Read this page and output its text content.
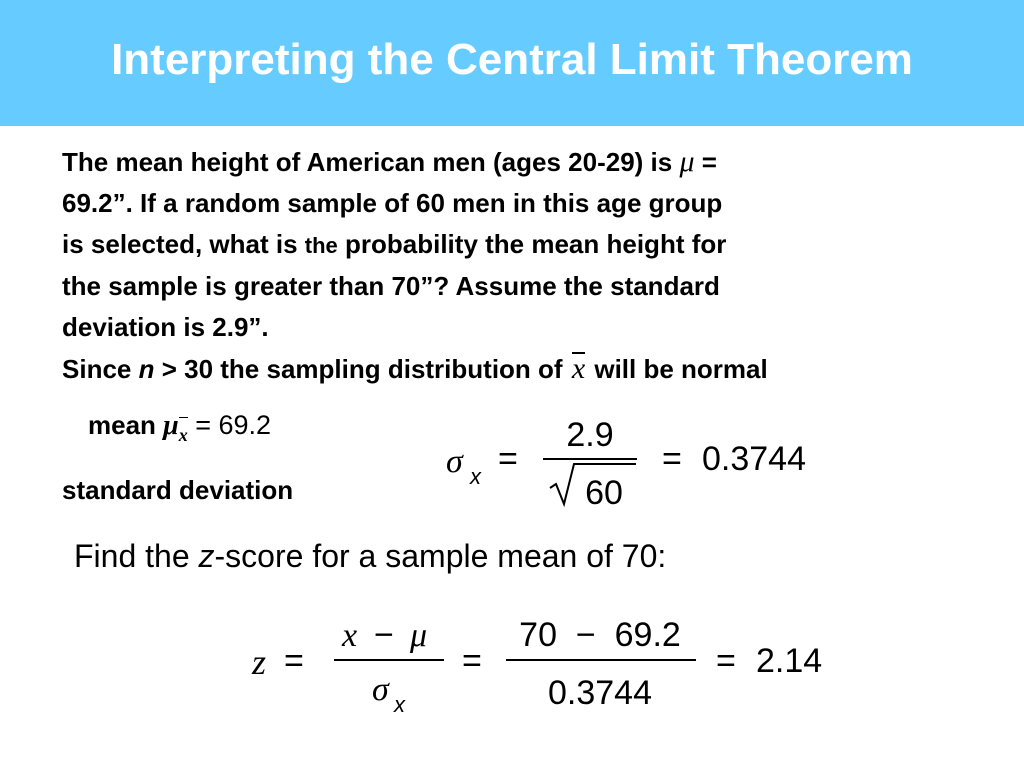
Interpreting the Central Limit Theorem
The mean height of American men (ages 20-29) is μ =
69.2”. If a random sample of 60 men in this age group
is selected, what is the probability the mean height for
the sample is greater than 70”? Assume the standard
deviation is 2.9”.
Since n > 30 the sampling distribution of x will be normal
mean $\mu_x = 69.2$
standard deviation
σ x =
2.9
60
= 0.3744
Find the z-score for a sample mean of 70:
z =
x − μ
σ x
=
70  −  69.2
0.3744
= 2.14
